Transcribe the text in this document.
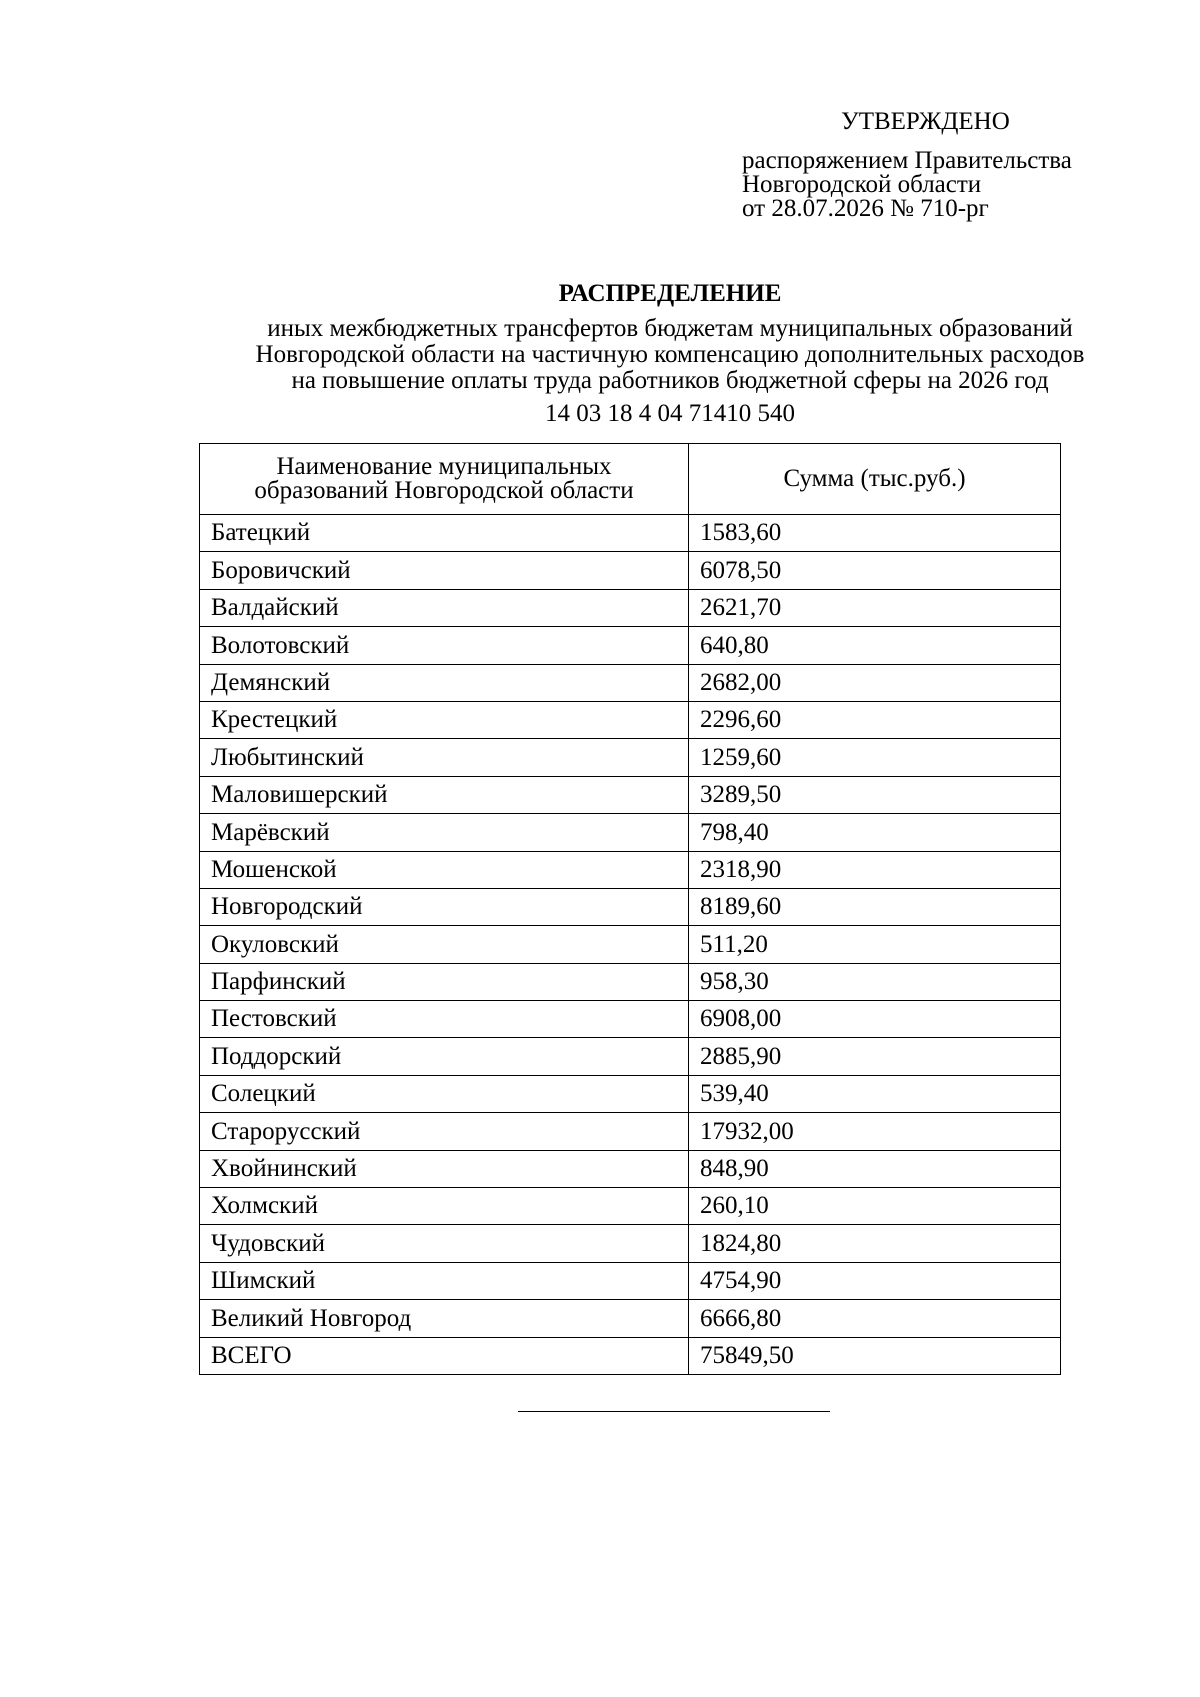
УТВЕРЖДЕНО
распоряжением Правительства
Новгородской области
от 28.07.2026 № 710-рг
РАСПРЕДЕЛЕНИЕ
иных межбюджетных трансфертов бюджетам муниципальных образований
Новгородской области на частичную компенсацию дополнительных расходов
на повышение оплаты труда работников бюджетной сферы на 2026 год
14 03 18 4 04 71410 540
Наименование муниципальных
образований Новгородской области	Сумма (тыс.руб.)
Батецкий	1583,60
Боровичский	6078,50
Валдайский	2621,70
Волотовский	640,80
Демянский	2682,00
Крестецкий	2296,60
Любытинский	1259,60
Маловишерский	3289,50
Марёвский	798,40
Мошенской	2318,90
Новгородский	8189,60
Окуловский	511,20
Парфинский	958,30
Пестовский	6908,00
Поддорский	2885,90
Солецкий	539,40
Старорусский	17932,00
Хвойнинский	848,90
Холмский	260,10
Чудовский	1824,80
Шимский	4754,90
Великий Новгород	6666,80
ВСЕГО	75849,50
